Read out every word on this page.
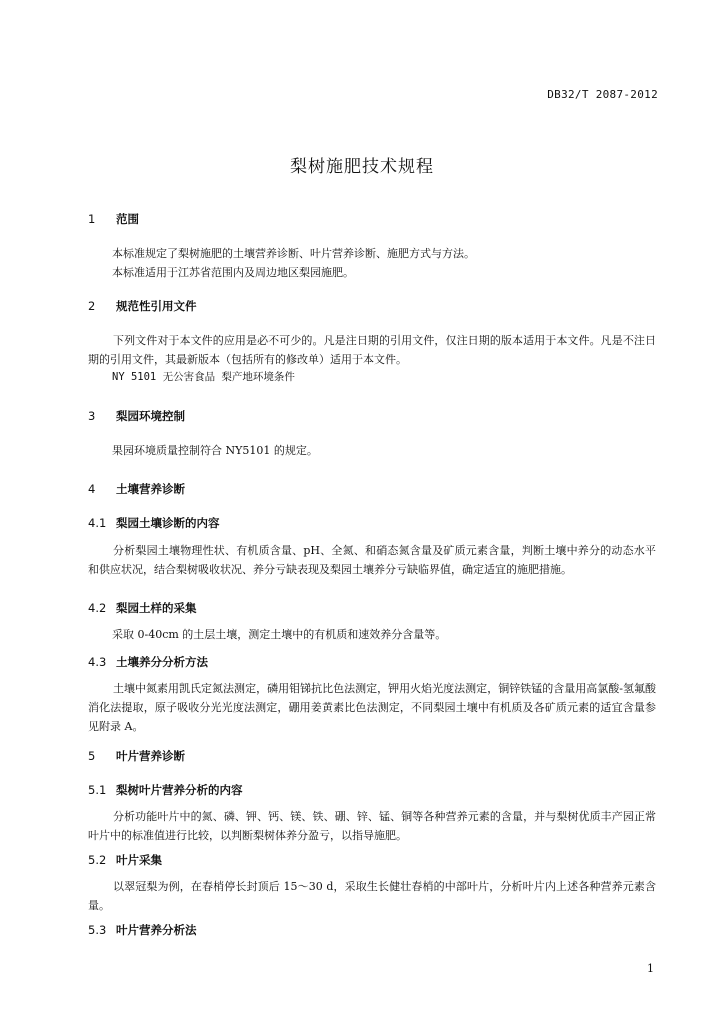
DB32/T 2087-2012
梨树施肥技术规程
1 范围
本标准规定了梨树施肥的土壤营养诊断、叶片营养诊断、施肥方式与方法。
本标准适用于江苏省范围内及周边地区梨园施肥。
2 规范性引用文件
下列文件对于本文件的应用是必不可少的。凡是注日期的引用文件，仅注日期的版本适用于本文件。凡是不注日期的引用文件，其最新版本（包括所有的修改单）适用于本文件。
NY 5101 无公害食品 梨产地环境条件
3 梨园环境控制
果园环境质量控制符合 NY5101 的规定。
4 土壤营养诊断
4.1 梨园土壤诊断的内容
分析梨园土壤物理性状、有机质含量、pH、全氮、和硝态氮含量及矿质元素含量，判断土壤中养分的动态水平和供应状况，结合梨树吸收状况、养分亏缺表现及梨园土壤养分亏缺临界值，确定适宜的施肥措施。
4.2 梨园土样的采集
采取 0-40cm 的土层土壤，测定土壤中的有机质和速效养分含量等。
4.3 土壤养分分析方法
土壤中氮素用凯氏定氮法测定，磷用钼锑抗比色法测定，钾用火焰光度法测定，铜锌铁锰的含量用高氯酸-氢氟酸消化法提取，原子吸收分光光度法测定，硼用姜黄素比色法测定，不同梨园土壤中有机质及各矿质元素的适宜含量参见附录 A。
5 叶片营养诊断
5.1 梨树叶片营养分析的内容
分析功能叶片中的氮、磷、钾、钙、镁、铁、硼、锌、锰、铜等各种营养元素的含量，并与梨树优质丰产园正常叶片中的标准值进行比较，以判断梨树体养分盈亏，以指导施肥。
5.2 叶片采集
以翠冠梨为例，在春梢停长封顶后 15～30 d，采取生长健壮春梢的中部叶片，分析叶片内上述各种营养元素含量。
5.3 叶片营养分析法
1
